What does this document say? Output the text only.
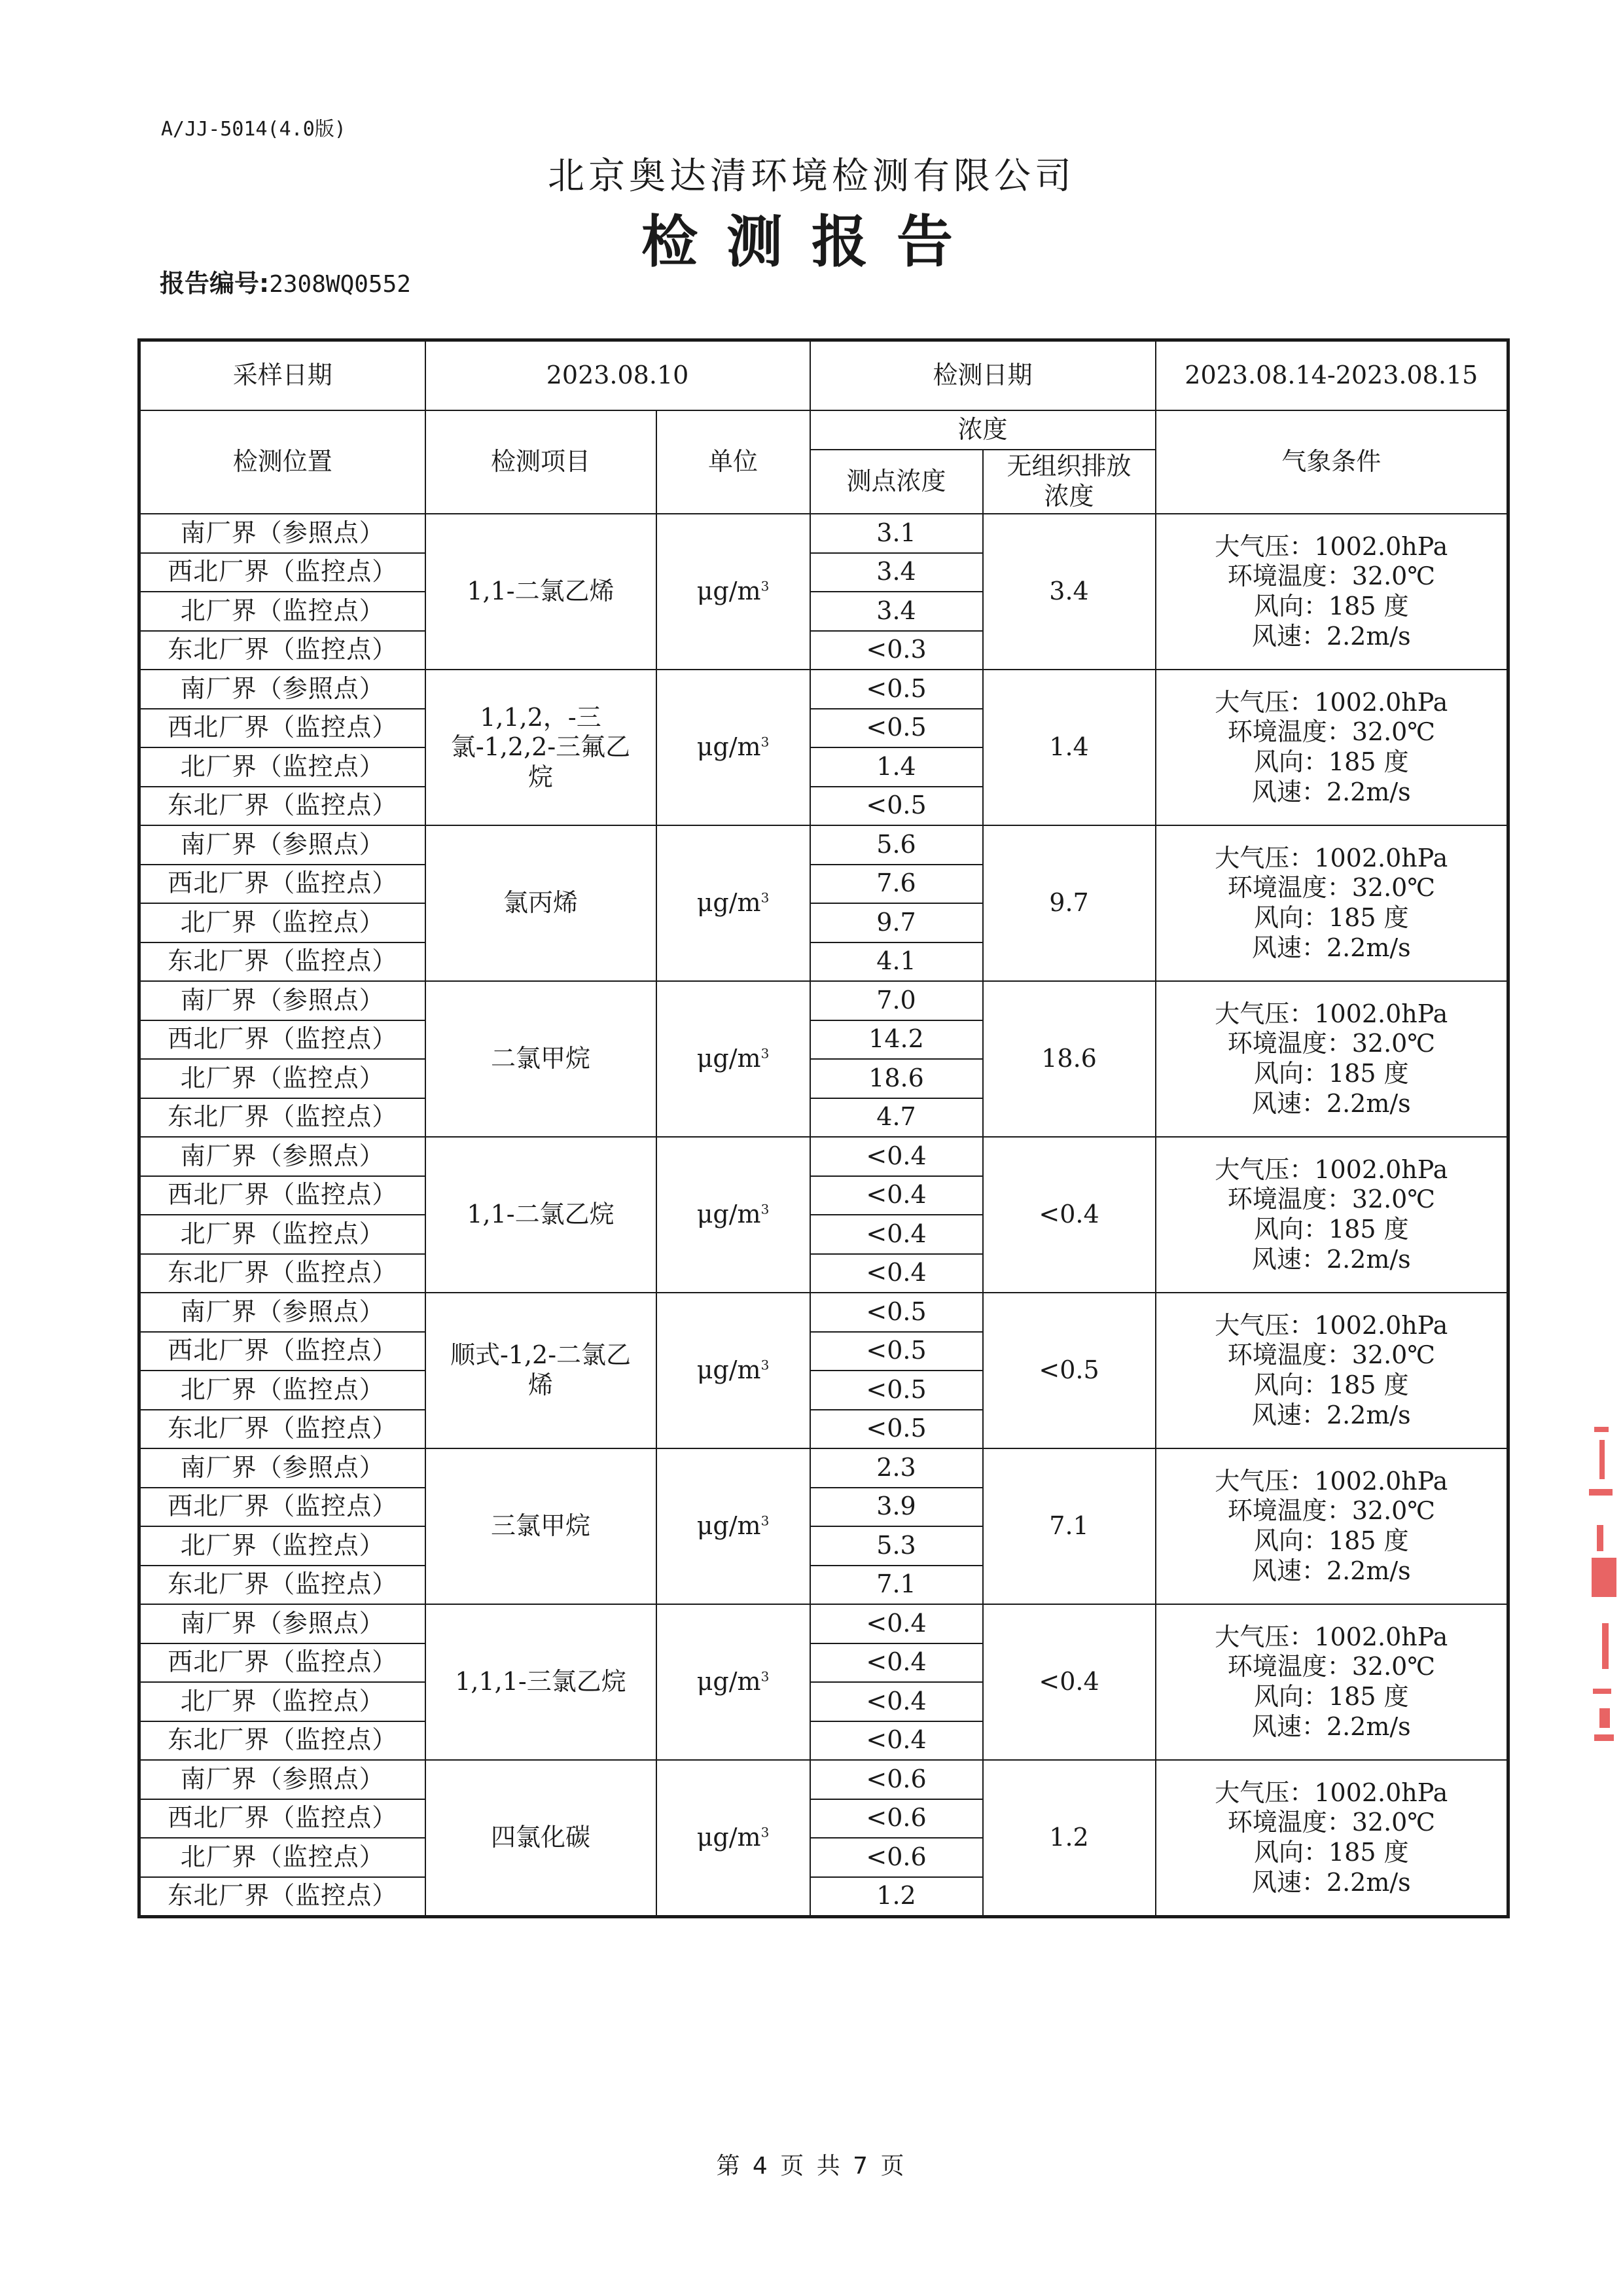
A/JJ-5014(4.0版)
北京奥达清环境检测有限公司
检测报告
报告编号:2308WQ0552
采样日期	2023.08.10		检测日期		2023.08.14-2023.08.15
检测位置	检测项目	单位	浓度		气象条件
			测点浓度	无组织排放浓度	
南厂界（参照点）	1,1-二氯乙烯	$\mu g/m^3$	3.1	3.4	大气压：1002.0hPa
环境温度：32.0℃
风向：185 度
风速：2.2m/s

西北厂界（监控点）			3.4		
北厂界（监控点）			3.4		
东北厂界（监控点）			<0.3		
南厂界（参照点）	1,1,2，-三氯-1,2,2-三氟乙烷	$\mu g/m^3$	<0.5	1.4	大气压：1002.0hPa
环境温度：32.0℃
风向：185 度
风速：2.2m/s

西北厂界（监控点）			<0.5		
北厂界（监控点）			1.4		
东北厂界（监控点）			<0.5		
南厂界（参照点）	氯丙烯	$\mu g/m^3$	5.6	9.7	大气压：1002.0hPa
环境温度：32.0℃
风向：185 度
风速：2.2m/s

西北厂界（监控点）			7.6		
北厂界（监控点）			9.7		
东北厂界（监控点）			4.1		
南厂界（参照点）	二氯甲烷	$\mu g/m^3$	7.0	18.6	大气压：1002.0hPa
环境温度：32.0℃
风向：185 度
风速：2.2m/s

西北厂界（监控点）			14.2		
北厂界（监控点）			18.6		
东北厂界（监控点）			4.7		
南厂界（参照点）	1,1-二氯乙烷	$\mu g/m^3$	<0.4	<0.4	大气压：1002.0hPa
环境温度：32.0℃
风向：185 度
风速：2.2m/s

西北厂界（监控点）			<0.4		
北厂界（监控点）			<0.4		
东北厂界（监控点）			<0.4		
南厂界（参照点）	顺式-1,2-二氯乙烯	$\mu g/m^3$	<0.5	<0.5	大气压：1002.0hPa
环境温度：32.0℃
风向：185 度
风速：2.2m/s

西北厂界（监控点）			<0.5		
北厂界（监控点）			<0.5		
东北厂界（监控点）			<0.5		
南厂界（参照点）	三氯甲烷	$\mu g/m^3$	2.3	7.1	大气压：1002.0hPa
环境温度：32.0℃
风向：185 度
风速：2.2m/s

西北厂界（监控点）			3.9		
北厂界（监控点）			5.3		
东北厂界（监控点）			7.1		
南厂界（参照点）	1,1,1-三氯乙烷	$\mu g/m^3$	<0.4	<0.4	大气压：1002.0hPa
环境温度：32.0℃
风向：185 度
风速：2.2m/s

西北厂界（监控点）			<0.4		
北厂界（监控点）			<0.4		
东北厂界（监控点）			<0.4		
南厂界（参照点）	四氯化碳	$\mu g/m^3$	<0.6	1.2	大气压：1002.0hPa
环境温度：32.0℃
风向：185 度
风速：2.2m/s

西北厂界（监控点）			<0.6		
北厂界（监控点）			<0.6		
东北厂界（监控点）			1.2		
第 4 页 共 7 页
